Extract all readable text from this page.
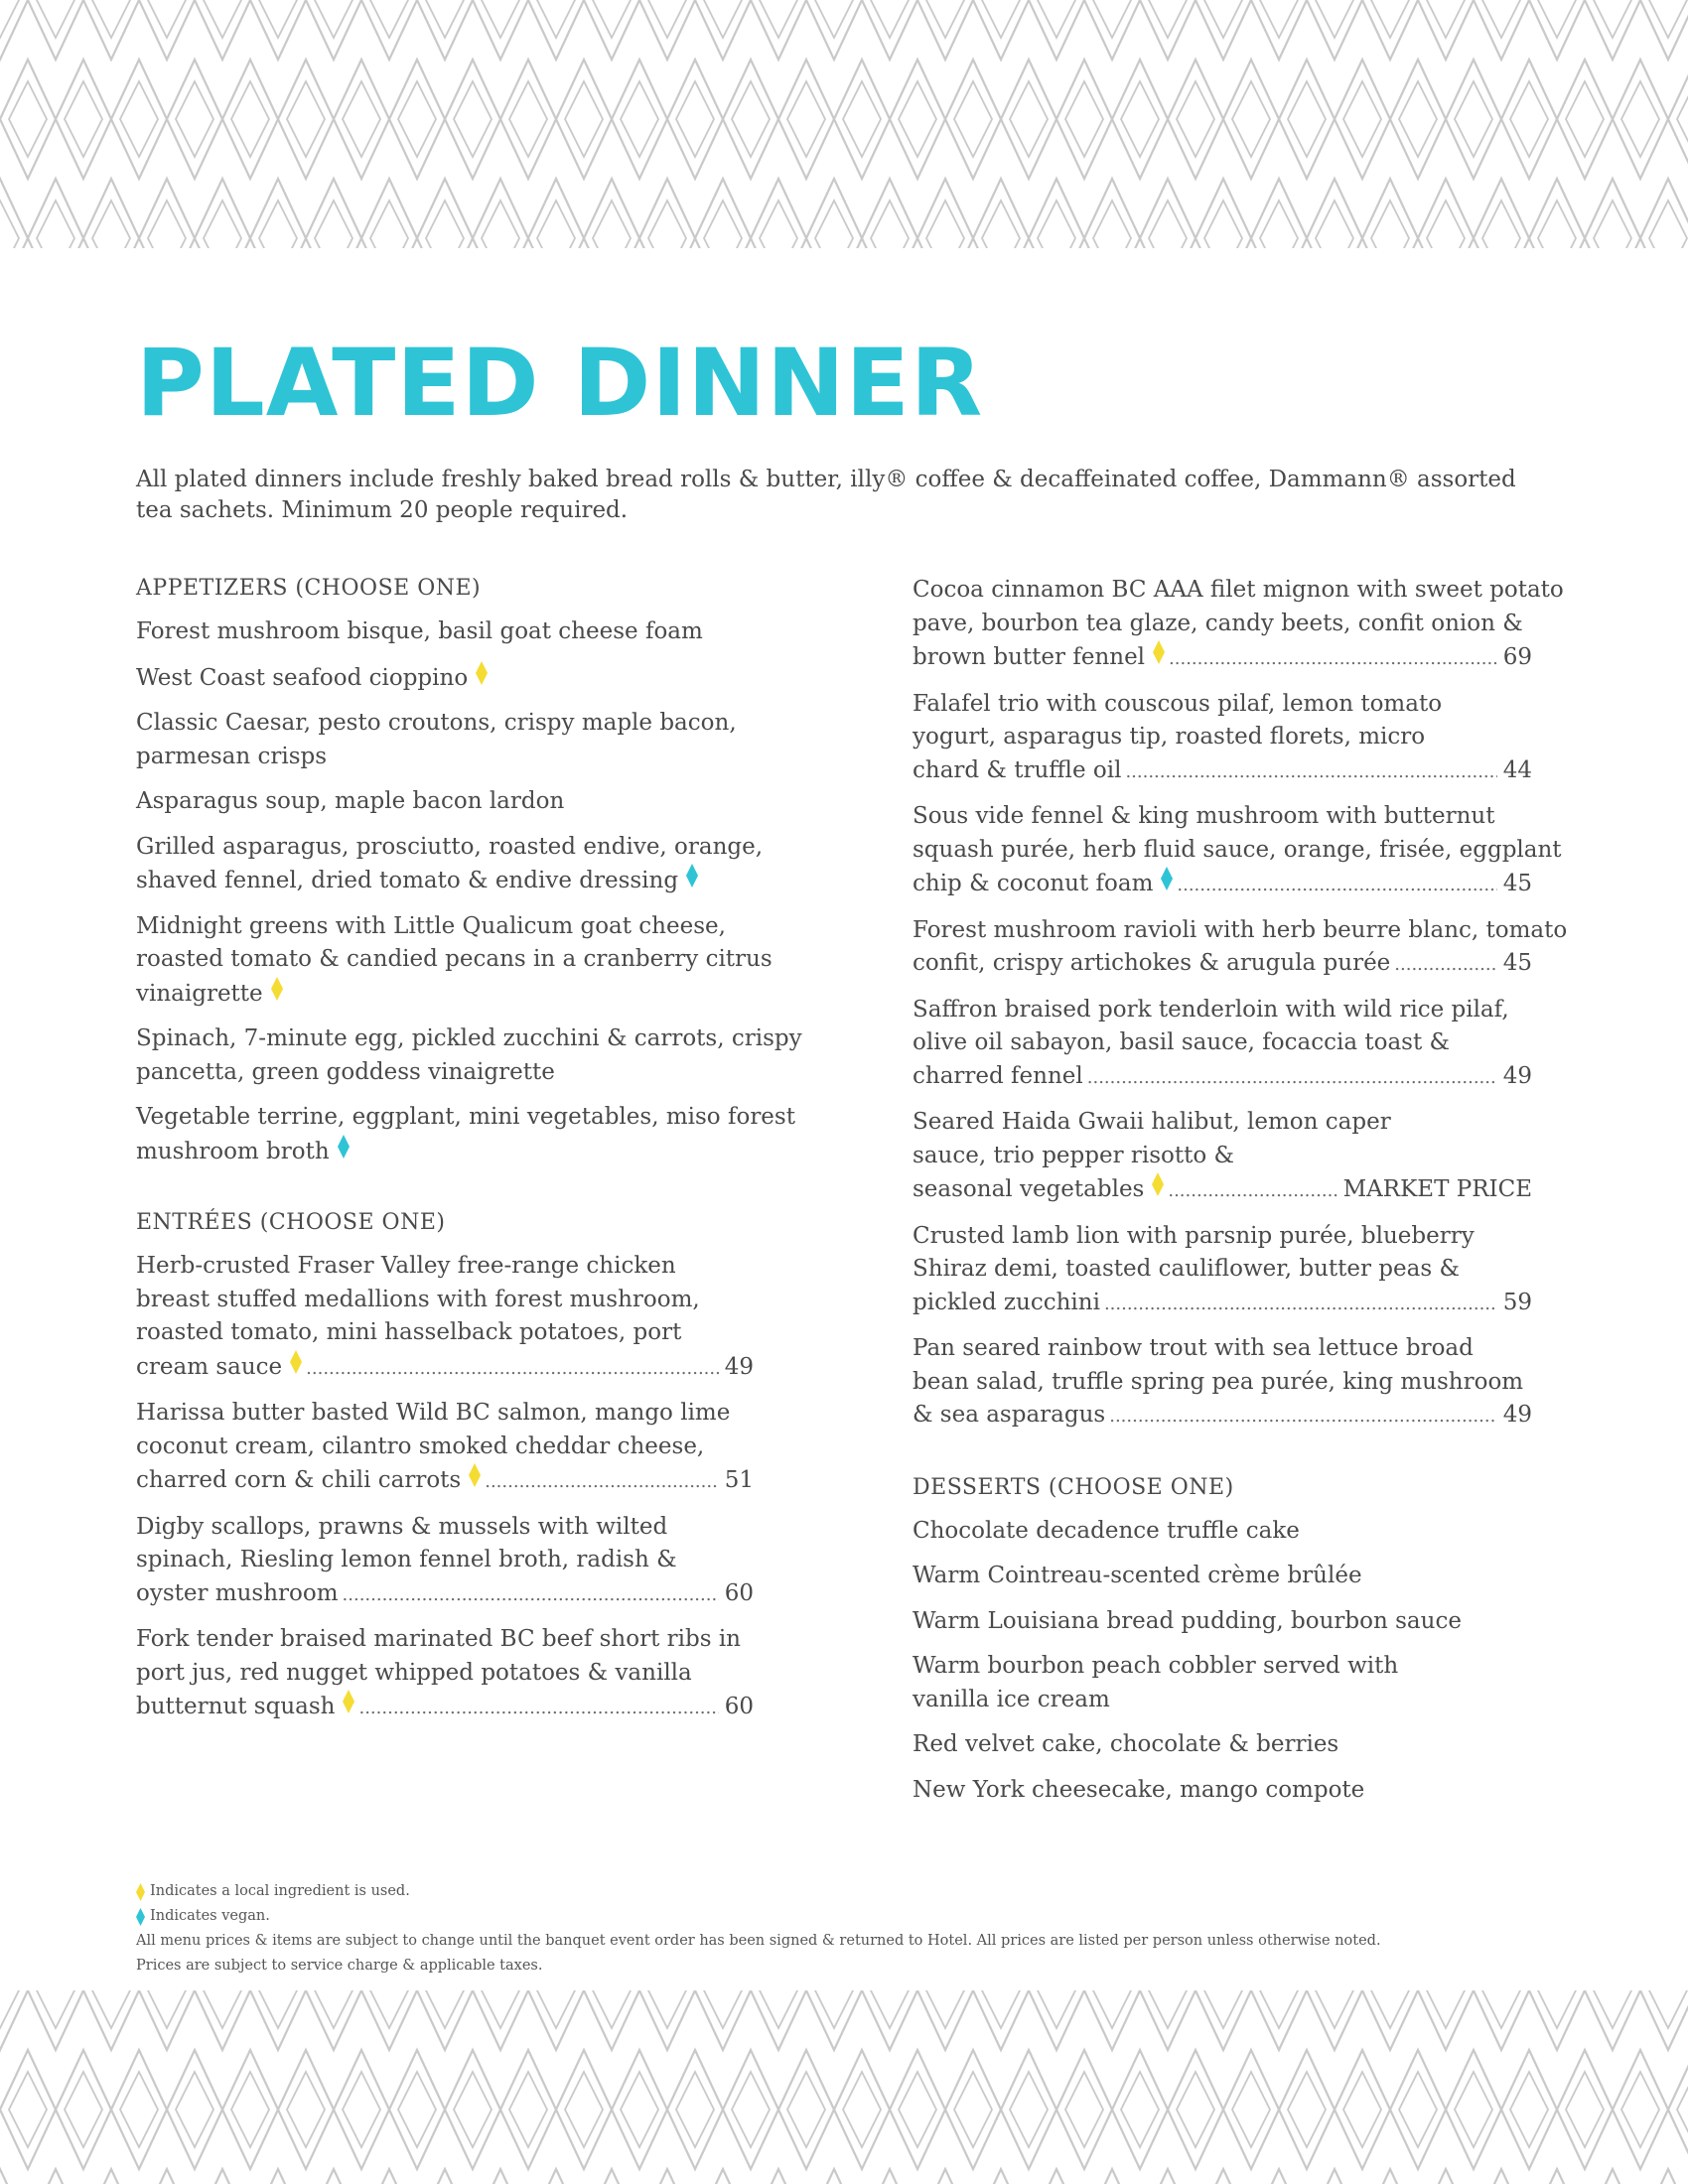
PLATED DINNER

All plated dinners include freshly baked bread rolls & butter, illy® coffee & decaffeinated coffee, Dammann® assorted tea sachets. Minimum 20 people required.

APPETIZERS (CHOOSE ONE)
Forest mushroom bisque, basil goat cheese foam
West Coast seafood cioppino
Classic Caesar, pesto croutons, crispy maple bacon,
parmesan crisps
Asparagus soup, maple bacon lardon
Grilled asparagus, prosciutto, roasted endive, orange,
shaved fennel, dried tomato & endive dressing
Midnight greens with Little Qualicum goat cheese,
roasted tomato & candied pecans in a cranberry citrus
vinaigrette
Spinach, 7-minute egg, pickled zucchini & carrots, crispy
pancetta, green goddess vinaigrette
Vegetable terrine, eggplant, mini vegetables, miso forest
mushroom broth
ENTRÉES (CHOOSE ONE)
Herb-crusted Fraser Valley free-range chicken
breast stuffed medallions with forest mushroom,
roasted tomato, mini hasselback potatoes, port
cream sauce .....	49
Harissa butter basted Wild BC salmon, mango lime
coconut cream, cilantro smoked cheddar cheese,
charred corn & chili carrots .....	51
Digby scallops, prawns & mussels with wilted
spinach, Riesling lemon fennel broth, radish &
oyster mushroom .....	60
Fork tender braised marinated BC beef short ribs in
port jus, red nugget whipped potatoes & vanilla
butternut squash .....	60
Cocoa cinnamon BC AAA filet mignon with sweet potato
pave, bourbon tea glaze, candy beets, confit onion &
brown butter fennel .....	69
Falafel trio with couscous pilaf, lemon tomato
yogurt, asparagus tip, roasted florets, micro
chard & truffle oil .....	44
Sous vide fennel & king mushroom with butternut
squash purée, herb fluid sauce, orange, frisée, eggplant
chip & coconut foam .....	45
Forest mushroom ravioli with herb beurre blanc, tomato
confit, crispy artichokes & arugula purée .....	45
Saffron braised pork tenderloin with wild rice pilaf,
olive oil sabayon, basil sauce, focaccia toast &
charred fennel .....	49
Seared Haida Gwaii halibut, lemon caper
sauce, trio pepper risotto &
seasonal vegetables .....	MARKET PRICE
Crusted lamb lion with parsnip purée, blueberry
Shiraz demi, toasted cauliflower, butter peas &
pickled zucchini .....	59
Pan seared rainbow trout with sea lettuce broad
bean salad, truffle spring pea purée, king mushroom
& sea asparagus .....	49
DESSERTS (CHOOSE ONE)
Chocolate decadence truffle cake
Warm Cointreau-scented crème brûlée
Warm Louisiana bread pudding, bourbon sauce
Warm bourbon peach cobbler served with
vanilla ice cream
Red velvet cake, chocolate & berries
New York cheesecake, mango compote
Indicates a local ingredient is used.
Indicates vegan.
All menu prices & items are subject to change until the banquet event order has been signed & returned to Hotel. All prices are listed per person unless otherwise noted.
Prices are subject to service charge & applicable taxes.
